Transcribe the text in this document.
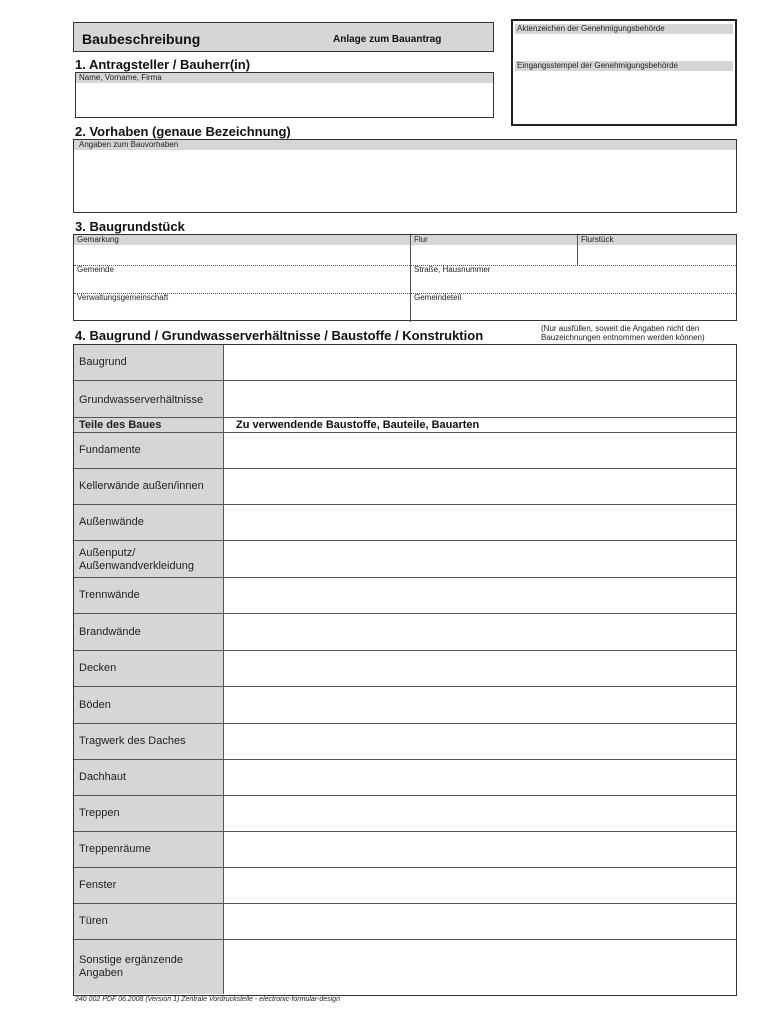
Baubeschreibung	Anlage zum Bauantrag
Aktenzeichen der Genehmigungsbehörde
Eingangsstempel der Genehmigungsbehörde
1. Antragsteller / Bauherr(in)
Name, Vorname, Firma
2. Vorhaben (genaue Bezeichnung)
Angaben zum Bauvorhaben
3. Baugrundstück
Gemarkung	Flur	Flurstück
Gemeinde	Straße, Hausnummer
Verwaltungsgemeinschaft	Gemeindeteil
4. Baugrund / Grundwasserverhältnisse / Baustoffe / Konstruktion	(Nur ausfüllen, soweit die Angaben nicht den
Bauzeichnungen entnommen werden können)
Baugrund
Grundwasserverhältnisse
Teile des Baues	Zu verwendende Baustoffe, Bauteile, Bauarten
Fundamente
Kellerwände außen/innen
Außenwände
Außenputz/
Außenwandverkleidung
Trennwände
Brandwände
Decken
Böden
Tragwerk des Daches
Dachhaut
Treppen
Treppenräume
Fenster
Türen
Sonstige ergänzende
Angaben
240 002 PDF 06.2008 (Version 1) Zentrale Vordruckstelle - electronic-formular-design
